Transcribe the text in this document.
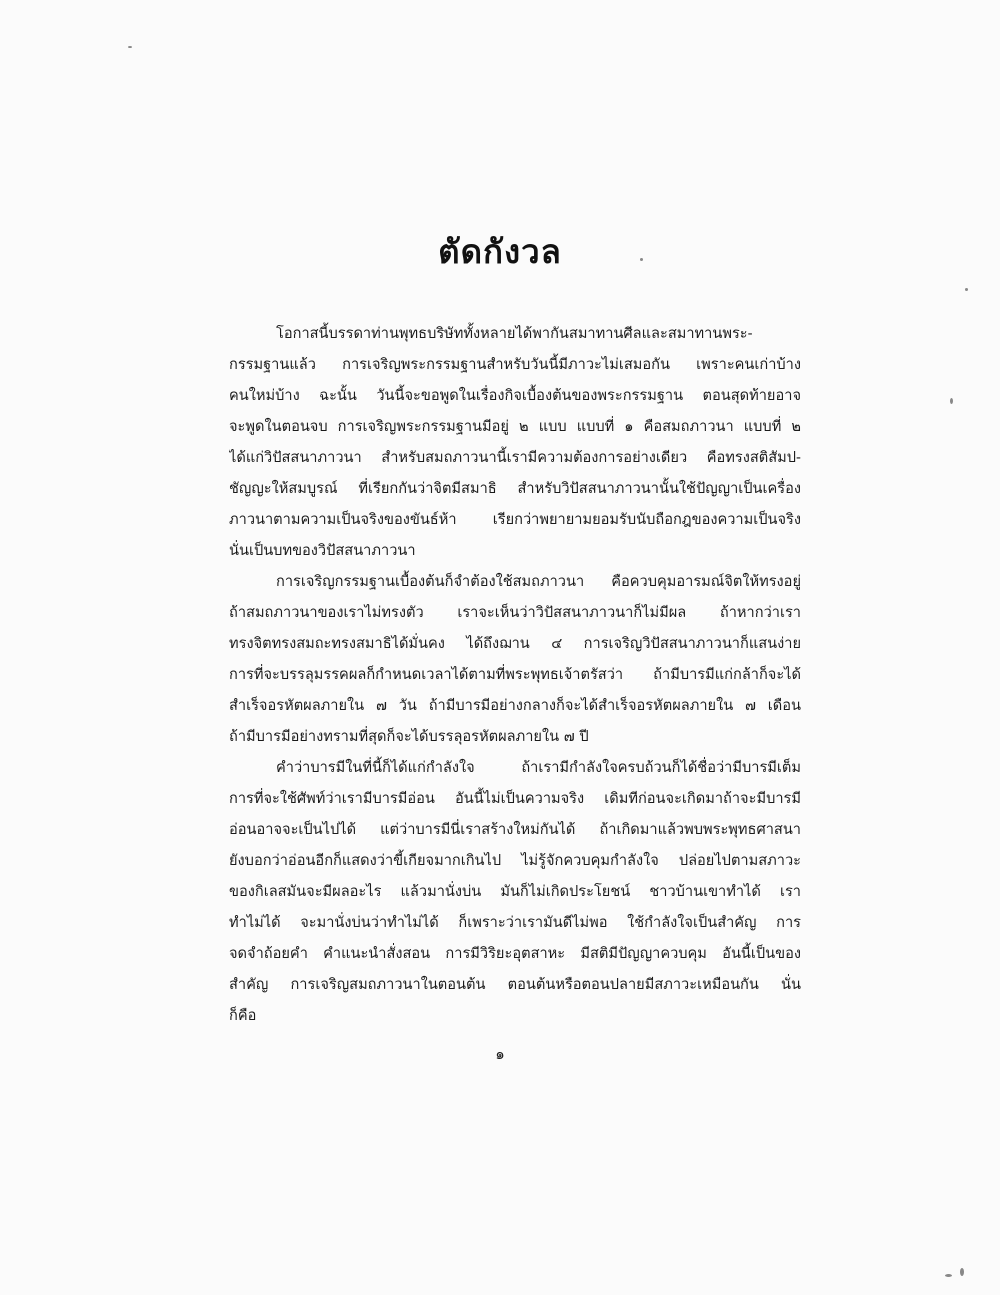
ตัดกังวล
โอกาสนี้บรรดาท่านพุทธบริษัททั้งหลายได้พากันสมาทานศีลและสมาทานพระ-
กรรมฐานแล้ว การเจริญพระกรรมฐานสำหรับวันนี้มีภาวะไม่เสมอกัน เพราะคนเก่าบ้าง
คนใหม่บ้าง ฉะนั้น วันนี้จะขอพูดในเรื่องกิจเบื้องต้นของพระกรรมฐาน ตอนสุดท้ายอาจ
จะพูดในตอนจบ การเจริญพระกรรมฐานมีอยู่ ๒ แบบ แบบที่ ๑ คือสมถภาวนา แบบที่ ๒
ได้แก่วิปัสสนาภาวนา สำหรับสมถภาวนานี้เรามีความต้องการอย่างเดียว คือทรงสติสัมป-
ชัญญะให้สมบูรณ์ ที่เรียกกันว่าจิตมีสมาธิ สำหรับวิปัสสนาภาวนานั้นใช้ปัญญาเป็นเครื่อง
ภาวนาตามความเป็นจริงของขันธ์ห้า เรียกว่าพยายามยอมรับนับถือกฎของความเป็นจริง
นั่นเป็นบทของวิปัสสนาภาวนา
การเจริญกรรมฐานเบื้องต้นก็จำต้องใช้สมถภาวนา คือควบคุมอารมณ์จิตให้ทรงอยู่
ถ้าสมถภาวนาของเราไม่ทรงตัว เราจะเห็นว่าวิปัสสนาภาวนาก็ไม่มีผล ถ้าหากว่าเรา
ทรงจิตทรงสมถะทรงสมาธิได้มั่นคง ได้ถึงฌาน ๔ การเจริญวิปัสสนาภาวนาก็แสนง่าย
การที่จะบรรลุมรรคผลก็กำหนดเวลาได้ตามที่พระพุทธเจ้าตรัสว่า ถ้ามีบารมีแก่กล้าก็จะได้
สำเร็จอรหัตผลภายใน ๗ วัน ถ้ามีบารมีอย่างกลางก็จะได้สำเร็จอรหัตผลภายใน ๗ เดือน
ถ้ามีบารมีอย่างทรามที่สุดก็จะได้บรรลุอรหัตผลภายใน ๗ ปี
คำว่าบารมีในที่นี้ก็ได้แก่กำลังใจ ถ้าเรามีกำลังใจครบถ้วนก็ได้ชื่อว่ามีบารมีเต็ม
การที่จะใช้ศัพท์ว่าเรามีบารมีอ่อน อันนี้ไม่เป็นความจริง เดิมทีก่อนจะเกิดมาถ้าจะมีบารมี
อ่อนอาจจะเป็นไปได้ แต่ว่าบารมีนี่เราสร้างใหม่กันได้ ถ้าเกิดมาแล้วพบพระพุทธศาสนา
ยังบอกว่าอ่อนอีกก็แสดงว่าขี้เกียจมากเกินไป ไม่รู้จักควบคุมกำลังใจ ปล่อยไปตามสภาวะ
ของกิเลสมันจะมีผลอะไร แล้วมานั่งบ่น มันก็ไม่เกิดประโยชน์ ชาวบ้านเขาทำได้ เรา
ทำไม่ได้ จะมานั่งบ่นว่าทำไม่ได้ ก็เพราะว่าเรามันดีไม่พอ ใช้กำลังใจเป็นสำคัญ การ
จดจำถ้อยคำ คำแนะนำสั่งสอน การมีวิริยะอุตสาหะ มีสติมีปัญญาควบคุม อันนี้เป็นของ
สำคัญ การเจริญสมถภาวนาในตอนต้น ตอนต้นหรือตอนปลายมีสภาวะเหมือนกัน นั่น
ก็คือ
๑
